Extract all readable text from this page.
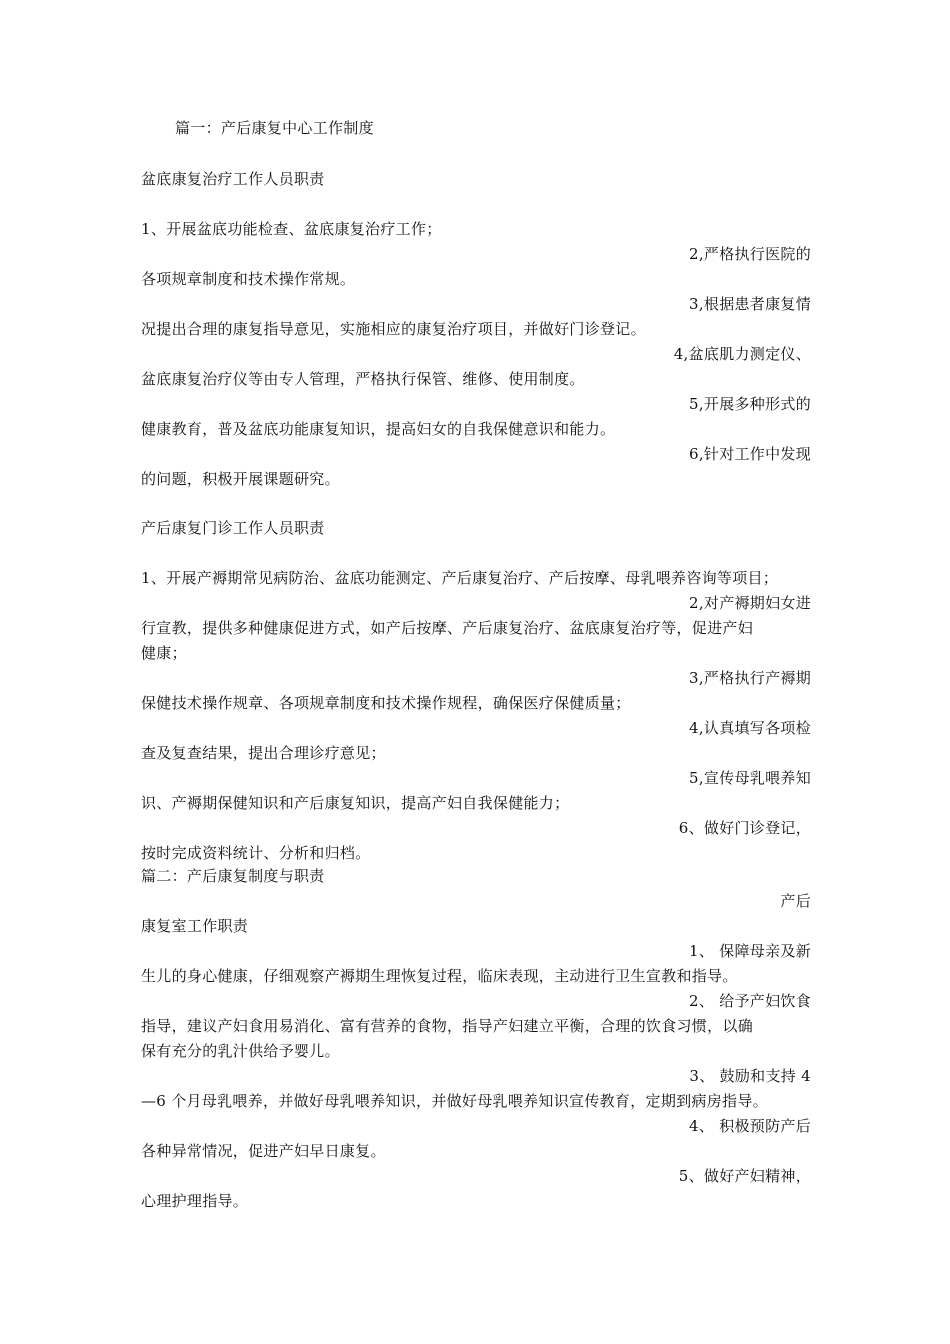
篇一：产后康复中心工作制度
盆底康复治疗工作人员职责
1、开展盆底功能检查、盆底康复治疗工作；
2,严格执行医院的
各项规章制度和技术操作常规。
3,根据患者康复情
况提出合理的康复指导意见，实施相应的康复治疗项目，并做好门诊登记。
4,盆底肌力测定仪、
盆底康复治疗仪等由专人管理，严格执行保管、维修、使用制度。
5,开展多种形式的
健康教育，普及盆底功能康复知识，提高妇女的自我保健意识和能力。
6,针对工作中发现
的问题，积极开展课题研究。
产后康复门诊工作人员职责
1、开展产褥期常见病防治、盆底功能测定、产后康复治疗、产后按摩、母乳喂养咨询等项目；
2,对产褥期妇女进
行宣教，提供多种健康促进方式，如产后按摩、产后康复治疗、盆底康复治疗等，促进产妇
健康；
3,严格执行产褥期
保健技术操作规章、各项规章制度和技术操作规程，确保医疗保健质量；
4,认真填写各项检
查及复查结果，提出合理诊疗意见；
5,宣传母乳喂养知
识、产褥期保健知识和产后康复知识，提高产妇自我保健能力；
6、做好门诊登记，
按时完成资料统计、分析和归档。
篇二：产后康复制度与职责
产后
康复室工作职责
1、 保障母亲及新
生儿的身心健康，仔细观察产褥期生理恢复过程，临床表现，主动进行卫生宣教和指导。
2、 给予产妇饮食
指导，建议产妇食用易消化、富有营养的食物，指导产妇建立平衡，合理的饮食习惯，以确
保有充分的乳汁供给予婴儿。
3、 鼓励和支持 4
—6 个月母乳喂养，并做好母乳喂养知识，并做好母乳喂养知识宣传教育，定期到病房指导。
4、 积极预防产后
各种异常情况，促进产妇早日康复。
5、做好产妇精神，
心理护理指导。
